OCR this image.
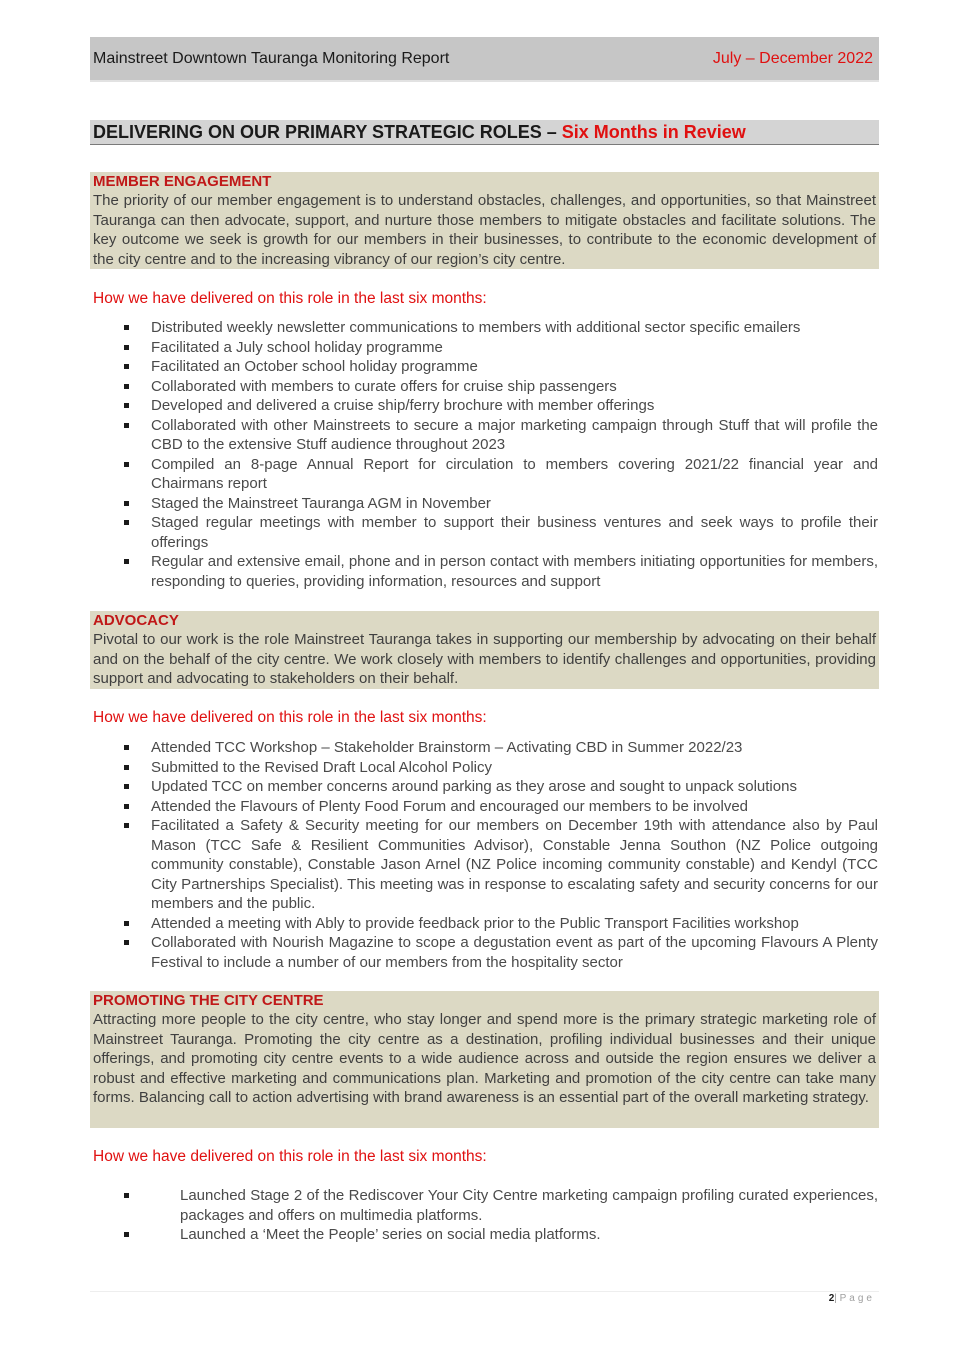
Mainstreet Downtown Tauranga Monitoring Report	July – December 2022
DELIVERING ON OUR PRIMARY STRATEGIC ROLES – Six Months in Review
MEMBER ENGAGEMENT
The priority of our member engagement is to understand obstacles, challenges, and opportunities, so that Mainstreet Tauranga can then advocate, support, and nurture those members to mitigate obstacles and facilitate solutions. The key outcome we seek is growth for our members in their businesses, to contribute to the economic development of the city centre and to the increasing vibrancy of our region’s city centre.
How we have delivered on this role in the last six months:
Distributed weekly newsletter communications to members with additional sector specific emailers
Facilitated a July school holiday programme
Facilitated an October school holiday programme
Collaborated with members to curate offers for cruise ship passengers
Developed and delivered a cruise ship/ferry brochure with member offerings
Collaborated with other Mainstreets to secure a major marketing campaign through Stuff that will profile the CBD to the extensive Stuff audience throughout 2023
Compiled an 8-page Annual Report for circulation to members covering 2021/22 financial year and Chairmans report
Staged the Mainstreet Tauranga AGM in November
Staged regular meetings with member to support their business ventures and seek ways to profile their offerings
Regular and extensive email, phone and in person contact with members initiating opportunities for members, responding to queries, providing information, resources and support
ADVOCACY
Pivotal to our work is the role Mainstreet Tauranga takes in supporting our membership by advocating on their behalf and on the behalf of the city centre. We work closely with members to identify challenges and opportunities, providing support and advocating to stakeholders on their behalf.
How we have delivered on this role in the last six months:
Attended TCC Workshop – Stakeholder Brainstorm – Activating CBD in Summer 2022/23
Submitted to the Revised Draft Local Alcohol Policy
Updated TCC on member concerns around parking as they arose and sought to unpack solutions
Attended the Flavours of Plenty Food Forum and encouraged our members to be involved
Facilitated a Safety & Security meeting for our members on December 19th with attendance also by Paul Mason (TCC Safe & Resilient Communities Advisor), Constable Jenna Southon (NZ Police outgoing community constable), Constable Jason Arnel (NZ Police incoming community constable) and Kendyl (TCC City Partnerships Specialist). This meeting was in response to escalating safety and security concerns for our members and the public.
Attended a meeting with Ably to provide feedback prior to the Public Transport Facilities workshop
Collaborated with Nourish Magazine to scope a degustation event as part of the upcoming Flavours A Plenty Festival to include a number of our members from the hospitality sector
PROMOTING THE CITY CENTRE
Attracting more people to the city centre, who stay longer and spend more is the primary strategic marketing role of Mainstreet Tauranga. Promoting the city centre as a destination, profiling individual businesses and their unique offerings, and promoting city centre events to a wide audience across and outside the region ensures we deliver a robust and effective marketing and communications plan. Marketing and promotion of the city centre can take many forms. Balancing call to action advertising with brand awareness is an essential part of the overall marketing strategy.
How we have delivered on this role in the last six months:
Launched Stage 2 of the Rediscover Your City Centre marketing campaign profiling curated experiences, packages and offers on multimedia platforms.
Launched a ‘Meet the People’ series on social media platforms.
2| Page
